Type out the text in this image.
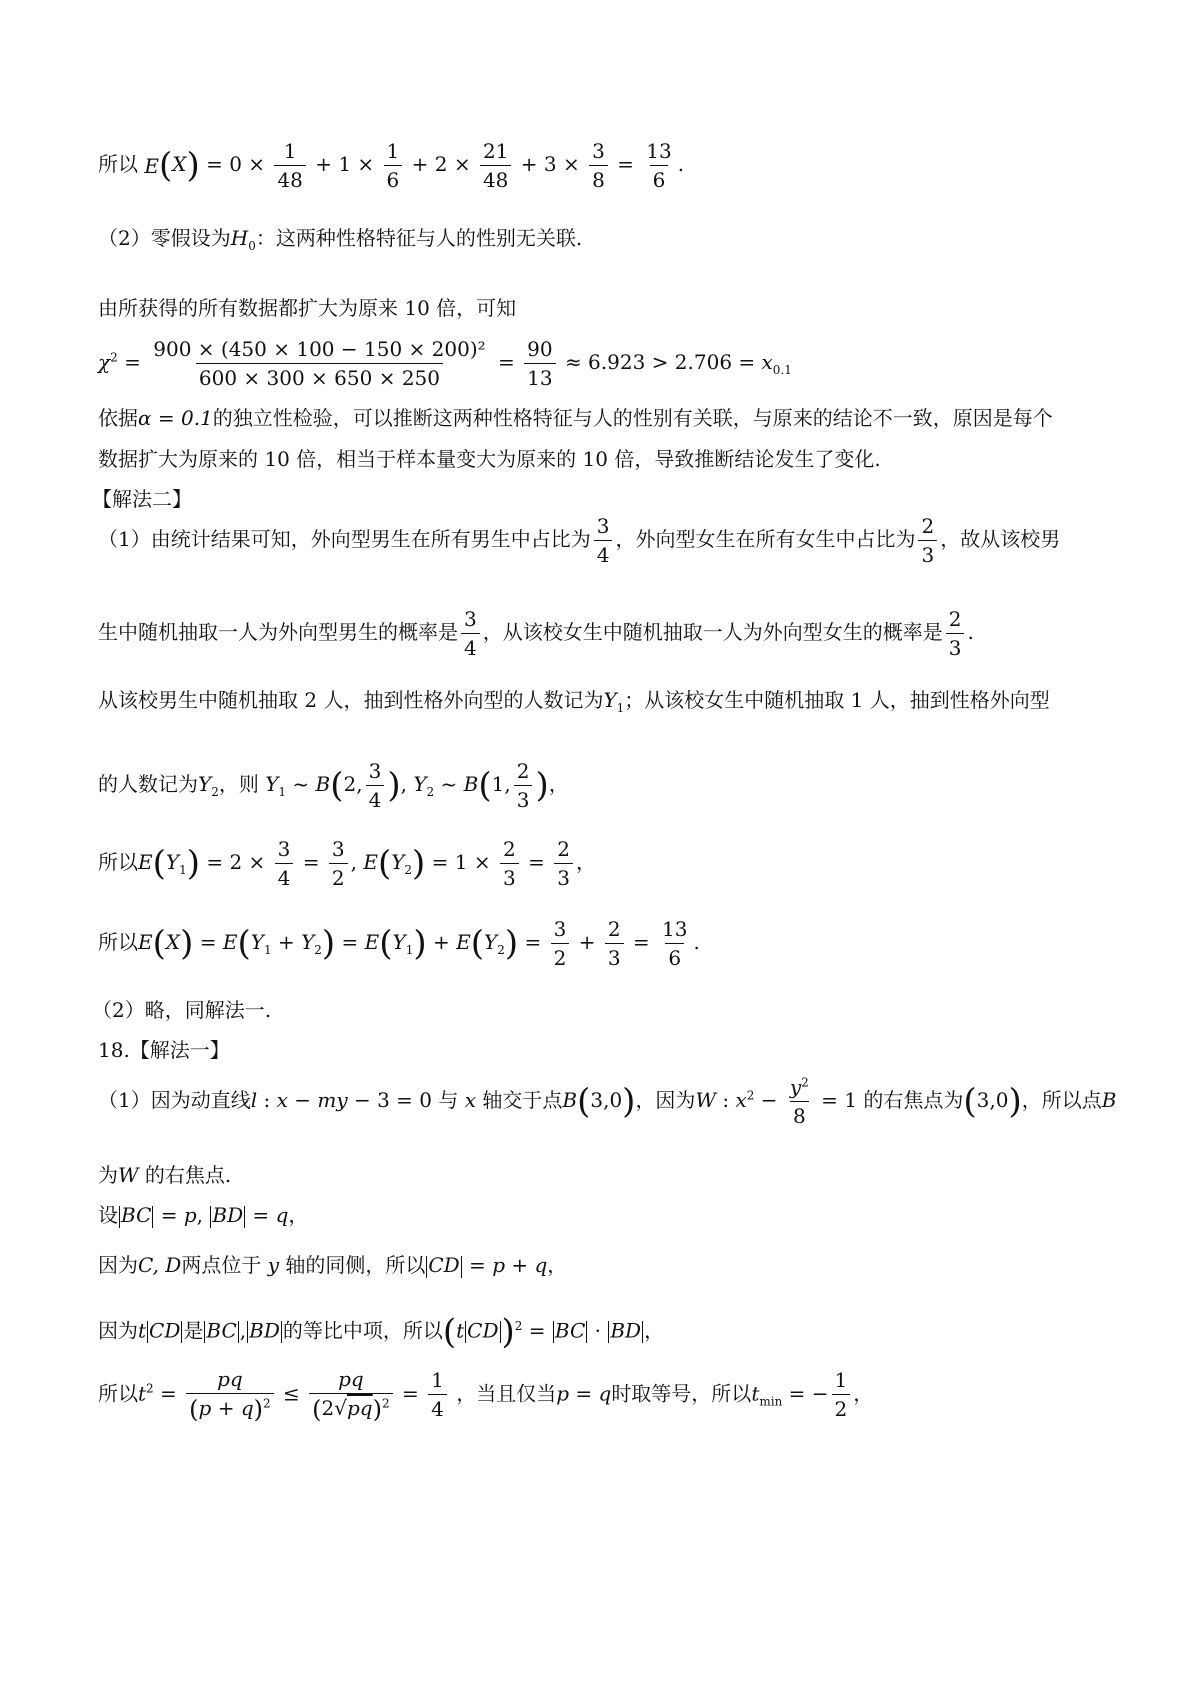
所以 $E(X) = 0 \times \frac{1}{48} + 1 \times \frac{1}{6} + 2 \times \frac{21}{48} + 3 \times \frac{3}{8} = \frac{13}{6}$ .
（2）零假设为$H_0$：这两种性格特征与人的性别无关联.
由所获得的所有数据都扩大为原来 10 倍，可知
$\chi^2 = \frac{\text{900 × (450 × 100 − 150 × 200)²}}{600 \times 300 \times 650 \times 250} = \frac{90}{13} \approx 6.923 > 2.706 = x_{0.1}$
依据α = 0.1的独立性检验，可以推断这两种性格特征与人的性别有关联，与原来的结论不一致，原因是每个
数据扩大为原来的 10 倍，相当于样本量变大为原来的 10 倍，导致推断结论发生了变化.
【解法二】
（1）由统计结果可知，外向型男生在所有男生中占比为 $\frac{3}{4}$ ，外向型女生在所有女生中占比为 $\frac{2}{3}$ ，故从该校男
生中随机抽取一人为外向型男生的概率是 $\frac{3}{4}$ ，从该校女生中随机抽取一人为外向型女生的概率是 $\frac{2}{3}$ .
从该校男生中随机抽取 2 人，抽到性格外向型的人数记为$Y_1$；从该校女生中随机抽取 1 人，抽到性格外向型
的人数记为$Y_2$，则 $Y_1$ ~ B(2, $\frac{3}{4}$ ), $Y_2$ ~ B(1, $\frac{2}{3}$ )，
所以$E(Y_1) = 2 \times \frac{3}{4} = \frac{3}{2}$ , $E(Y_2) = 1 \times \frac{2}{3} = \frac{2}{3}$ ，
所以$E(X) = E(Y_1 + Y_2) = E(Y_1) + E(Y_2) = \frac{3}{2} + \frac{2}{3} = \frac{13}{6}$ .
（2）略，同解法一.
18.【解法一】
（1）因为动直线l : x − my − 3 = 0 与 x 轴交于点B(3,0)，因为W : $x^2 - \frac{y^2}{8} = 1$ 的右焦点为(3,0)，所以点B
为W 的右焦点.
设 BC = p, BD = q，
因为C, D两点位于 y 轴的同侧，所以 CD = p + q，
因为t CD 是 BC , BD 的等比中项，所以(t CD)$^2$ = BC · BD ，
所以$t^2 = \frac{pq}{(p + q)^2} \le \frac{pq}{(2√pq)^2} = \frac{1}{4}$ ，当且仅当p = q时取等号，所以$t_{min}$ = − $\frac{1}{2}$ ，
